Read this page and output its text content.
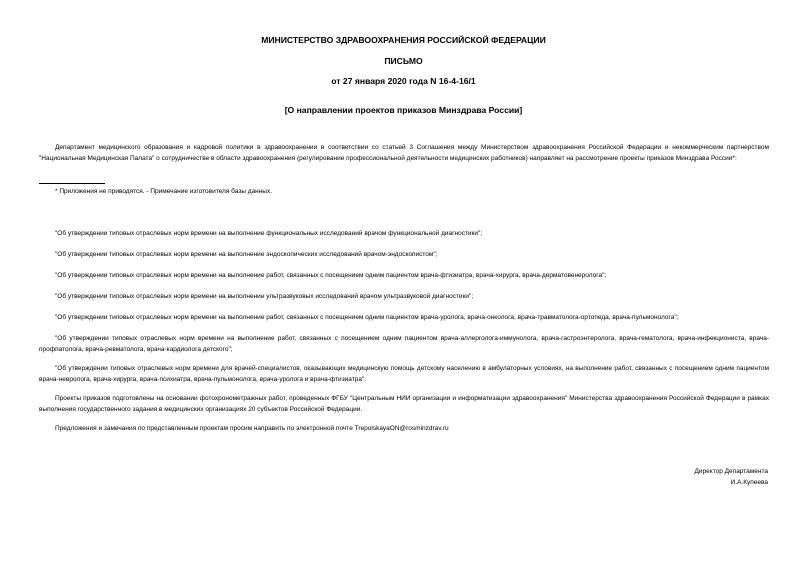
МИНИСТЕРСТВО ЗДРАВООХРАНЕНИЯ РОССИЙСКОЙ ФЕДЕРАЦИИ
ПИСЬМО
от 27 января 2020 года N 16-4-16/1
[О направлении проектов приказов Минздрава России]
Департамент медицинского образования и кадровой политики в здравоохранении в соответствии со статьей 3 Соглашения между Министерством здравоохранения Российской Федерации и некоммерческим партнерством "Национальная Медицинская Палата" о сотрудничестве в области здравоохранения (регулирование профессиональной деятельности медицинских работников) направляет на рассмотрение проекты приказов Минздрава России*:
* Приложения не приводятся. - Примечание изготовителя базы данных.
"Об утверждении типовых отраслевых норм времени на выполнение функциональных исследований врачом функциональной диагностики";
"Об утверждении типовых отраслевых норм времени на выполнение эндоскопических исследований врачом-эндоскопистом";
"Об утверждении типовых отраслевых норм времени на выполнение работ, связанных с посещением одним пациентом врача-фтизиатра, врача-хирурга, врача-дерматовенеролога";
"Об утверждении типовых отраслевых норм времени на выполнение ультразвуковых исследований врачом ультразвуковой диагностики";
"Об утверждении типовых отраслевых норм времени на выполнение работ, связанных с посещением одним пациентом врача-уролога, врача-онколога, врача-травматолога-ортопеда, врача-пульмонолога";
"Об утверждении типовых отраслевых норм времени на выполнение работ, связанных с посещением одним пациентом врача-аллерголога-иммунолога, врача-гастроэнтеролога, врача-гематолога, врача-инфекциониста, врача-профпатолога, врача-ревматолога, врача-кардиолога детского";
"Об утверждении типовых отраслевых норм времени для врачей-специалистов, оказывающих медицинскую помощь детскому населению в амбулаторных условиях, на выполнение работ, связанных с посещением одним пациентом врача-невролога, врача-хирурга, врача-психиатра, врача-пульмонолога, врача-уролога и врача-фтизиатра".
Проекты приказов подготовлены на основании фотохронометражных работ, проведенных ФГБУ "Центральным НИИ организации и информатизации здравоохранения" Министерства здравоохранения Российской Федерации в рамках выполнения государственного задания в медицинских организациях 20 субъектов Российской Федерации.
Предложения и замечания по представленным проектам просим направить по электронной почте TrepolskayaON@rosminzdrav.ru
Директор Департамента
И.А.Купеева
